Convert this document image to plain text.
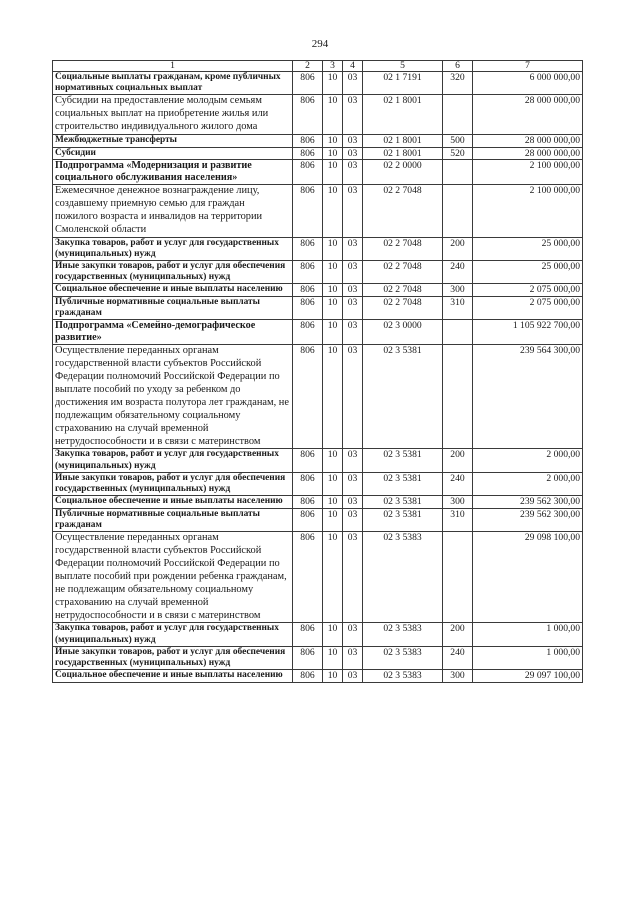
294
1	2	3	4	5	6	7
Социальные выплаты гражданам, кроме публичных нормативных социальных выплат	806	10	03	02 1 7191	320	6 000 000,00
Субсидии на предоставление молодым семьям социальных выплат на приобретение жилья или строительство индивидуального жилого дома	806	10	03	02 1 8001		28 000 000,00
Межбюджетные трансферты	806	10	03	02 1 8001	500	28 000 000,00
Субсидии	806	10	03	02 1 8001	520	28 000 000,00
Подпрограмма «Модернизация и развитие социального обслуживания населения»	806	10	03	02 2 0000		2 100 000,00
Ежемесячное денежное вознаграждение лицу, создавшему приемную семью для граждан пожилого возраста и инвалидов на территории Смоленской области	806	10	03	02 2 7048		2 100 000,00
Закупка товаров, работ и услуг для государственных (муниципальных) нужд	806	10	03	02 2 7048	200	25 000,00
Иные закупки товаров, работ и услуг для обеспечения государственных (муниципальных) нужд	806	10	03	02 2 7048	240	25 000,00
Социальное обеспечение и иные выплаты населению	806	10	03	02 2 7048	300	2 075 000,00
Публичные нормативные социальные выплаты гражданам	806	10	03	02 2 7048	310	2 075 000,00
Подпрограмма «Семейно-демографическое развитие»	806	10	03	02 3 0000		1 105 922 700,00
Осуществление переданных органам государственной власти субъектов Российской Федерации полномочий Российской Федерации по выплате пособий по уходу за ребенком до достижения им возраста полутора лет гражданам, не подлежащим обязательному социальному страхованию на случай временной нетрудоспособности и в связи с материнством	806	10	03	02 3 5381		239 564 300,00
Закупка товаров, работ и услуг для государственных (муниципальных) нужд	806	10	03	02 3 5381	200	2 000,00
Иные закупки товаров, работ и услуг для обеспечения государственных (муниципальных) нужд	806	10	03	02 3 5381	240	2 000,00
Социальное обеспечение и иные выплаты населению	806	10	03	02 3 5381	300	239 562 300,00
Публичные нормативные социальные выплаты гражданам	806	10	03	02 3 5381	310	239 562 300,00
Осуществление переданных органам государственной власти субъектов Российской Федерации полномочий Российской Федерации по выплате пособий при рождении ребенка гражданам, не подлежащим обязательному социальному страхованию на случай временной нетрудоспособности и в связи с материнством	806	10	03	02 3 5383		29 098 100,00
Закупка товаров, работ и услуг для государственных (муниципальных) нужд	806	10	03	02 3 5383	200	1 000,00
Иные закупки товаров, работ и услуг для обеспечения государственных (муниципальных) нужд	806	10	03	02 3 5383	240	1 000,00
Социальное обеспечение и иные выплаты населению	806	10	03	02 3 5383	300	29 097 100,00
